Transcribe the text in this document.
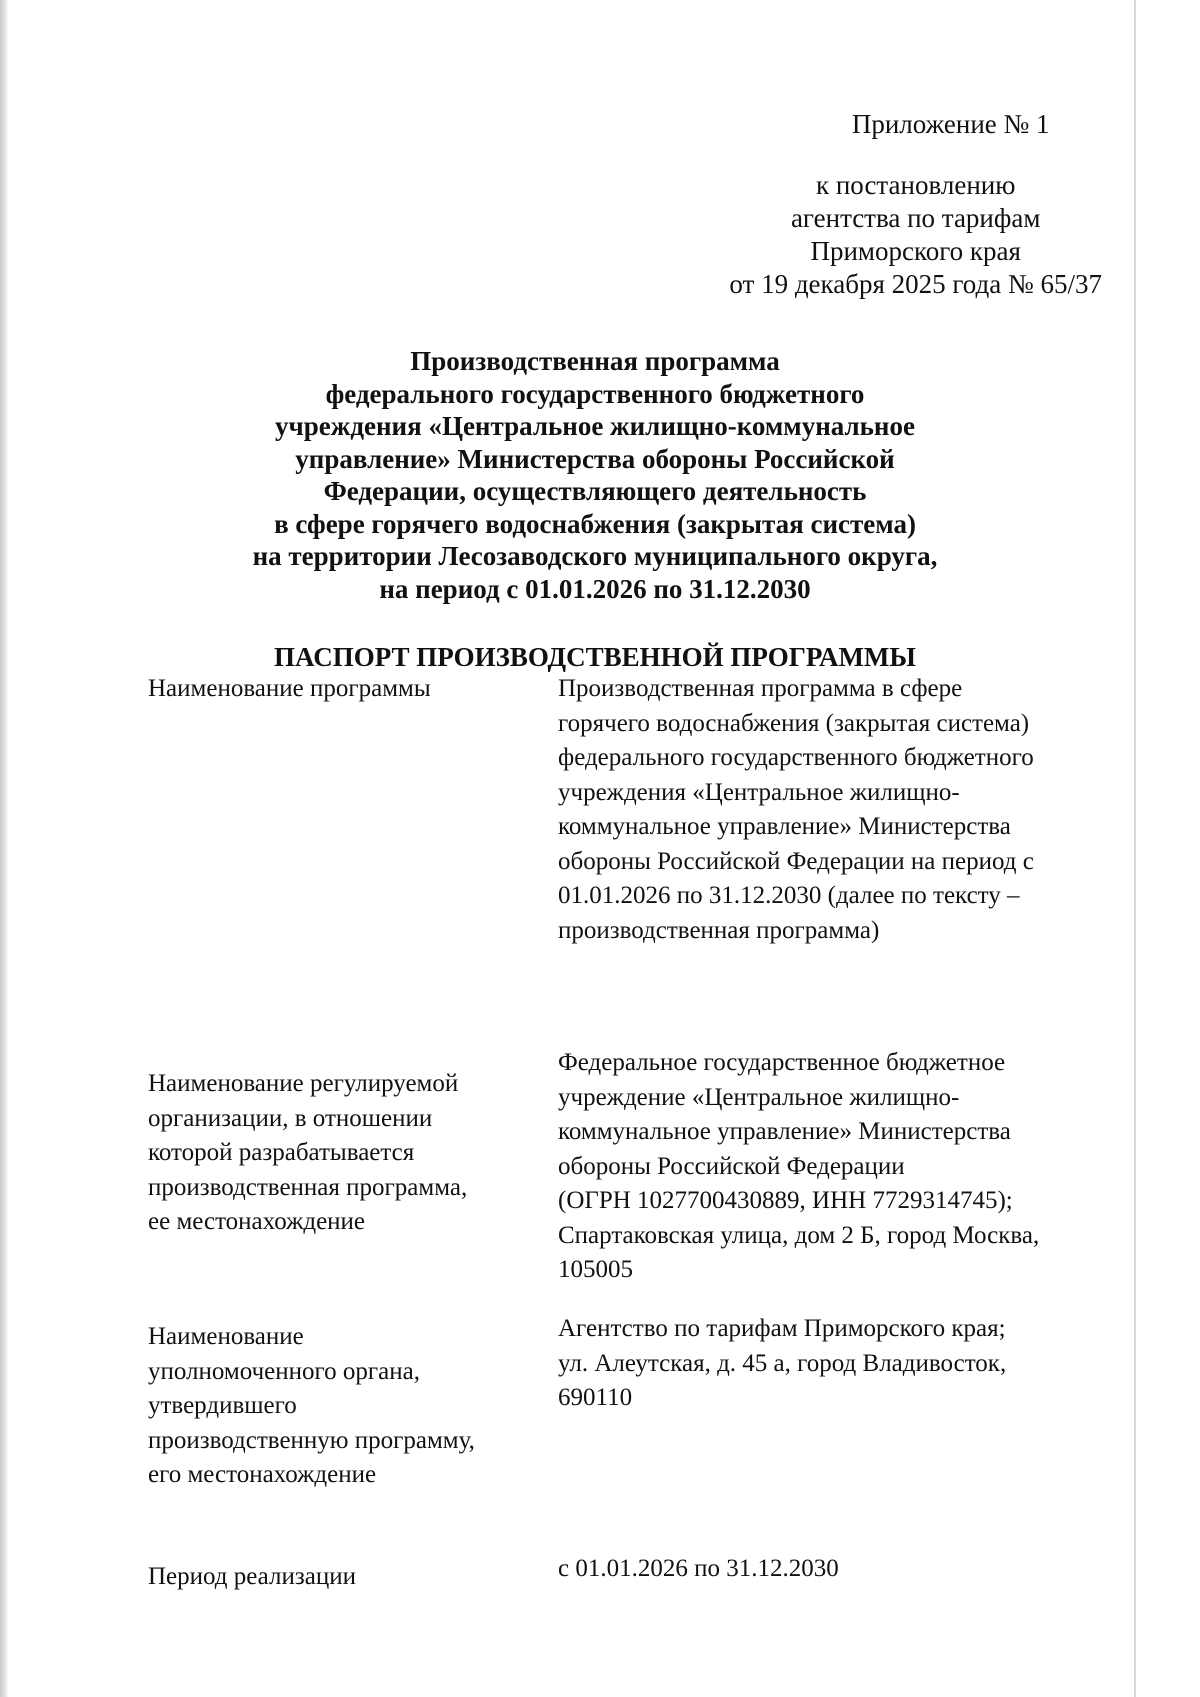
Приложение № 1
к постановлению
агентства по тарифам
Приморского края
от 19 декабря 2025 года № 65/37
Производственная программа
федерального государственного бюджетного
учреждения «Центральное жилищно-коммунальное
управление» Министерства обороны Российской
Федерации, осуществляющего деятельность
в сфере горячего водоснабжения (закрытая система)
на территории Лесозаводского муниципального округа,
на период с 01.01.2026 по 31.12.2030
ПАСПОРТ ПРОИЗВОДСТВЕННОЙ ПРОГРАММЫ
Наименование программы	Производственная программа в сфере
горячего водоснабжения (закрытая система)
федерального государственного бюджетного
учреждения «Центральное жилищно-
коммунальное управление» Министерства
обороны Российской Федерации на период с
01.01.2026 по 31.12.2030 (далее по тексту –
производственная программа)
Наименование регулируемой
организации, в отношении
которой разрабатывается
производственная программа,
ее местонахождение
Федеральное государственное бюджетное
учреждение «Центральное жилищно-
коммунальное управление» Министерства
обороны Российской Федерации
(ОГРН 1027700430889, ИНН 7729314745);
Спартаковская улица, дом 2 Б, город Москва,
105005
Наименование
уполномоченного органа,
утвердившего
производственную программу,
его местонахождение
Агентство по тарифам Приморского края;
ул. Алеутская, д. 45 а, город Владивосток,
690110
Период реализации	с 01.01.2026 по 31.12.2030
